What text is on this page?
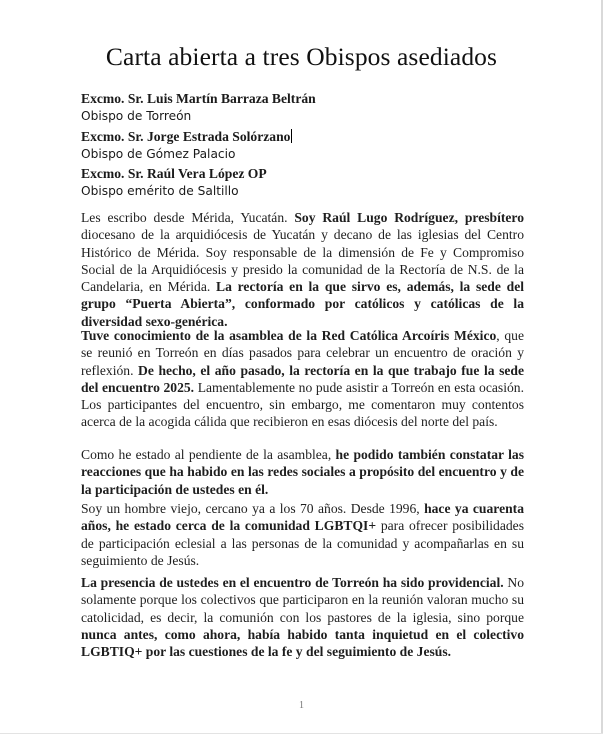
Carta abierta a tres Obispos asediados
Excmo. Sr. Luis Martín Barraza Beltrán
Obispo de Torreón
Excmo. Sr. Jorge Estrada Solórzano
Obispo de Gómez Palacio
Excmo. Sr. Raúl Vera López OP
Obispo emérito de Saltillo

Les escribo desde Mérida, Yucatán. Soy Raúl Lugo Rodríguez, presbítero diocesano de la arquidiócesis de Yucatán y decano de las iglesias del Centro Histórico de Mérida. Soy responsable de la dimensión de Fe y Compromiso Social de la Arquidiócesis y presido la comunidad de la Rectoría de N.S. de la Candelaria, en Mérida. La rectoría en la que sirvo es, además, la sede del grupo “Puerta Abierta”, conformado por católicos y católicas de la diversidad sexo-genérica.

Tuve conocimiento de la asamblea de la Red Católica Arcoíris México, que se reunió en Torreón en días pasados para celebrar un encuentro de oración y reflexión. De hecho, el año pasado, la rectoría en la que trabajo fue la sede del encuentro 2025. Lamentablemente no pude asistir a Torreón en esta ocasión. Los participantes del encuentro, sin embargo, me comentaron muy contentos acerca de la acogida cálida que recibieron en esas diócesis del norte del país.

Como he estado al pendiente de la asamblea, he podido también constatar las reacciones que ha habido en las redes sociales a propósito del encuentro y de la participación de ustedes en él.

Soy un hombre viejo, cercano ya a los 70 años. Desde 1996, hace ya cuarenta años, he estado cerca de la comunidad LGBTQI+ para ofrecer posibilidades de participación eclesial a las personas de la comunidad y acompañarlas en su seguimiento de Jesús.

La presencia de ustedes en el encuentro de Torreón ha sido providencial. No solamente porque los colectivos que participaron en la reunión valoran mucho su catolicidad, es decir, la comunión con los pastores de la iglesia, sino porque nunca antes, como ahora, había habido tanta inquietud en el colectivo LGBTIQ+ por las cuestiones de la fe y del seguimiento de Jesús.

1
